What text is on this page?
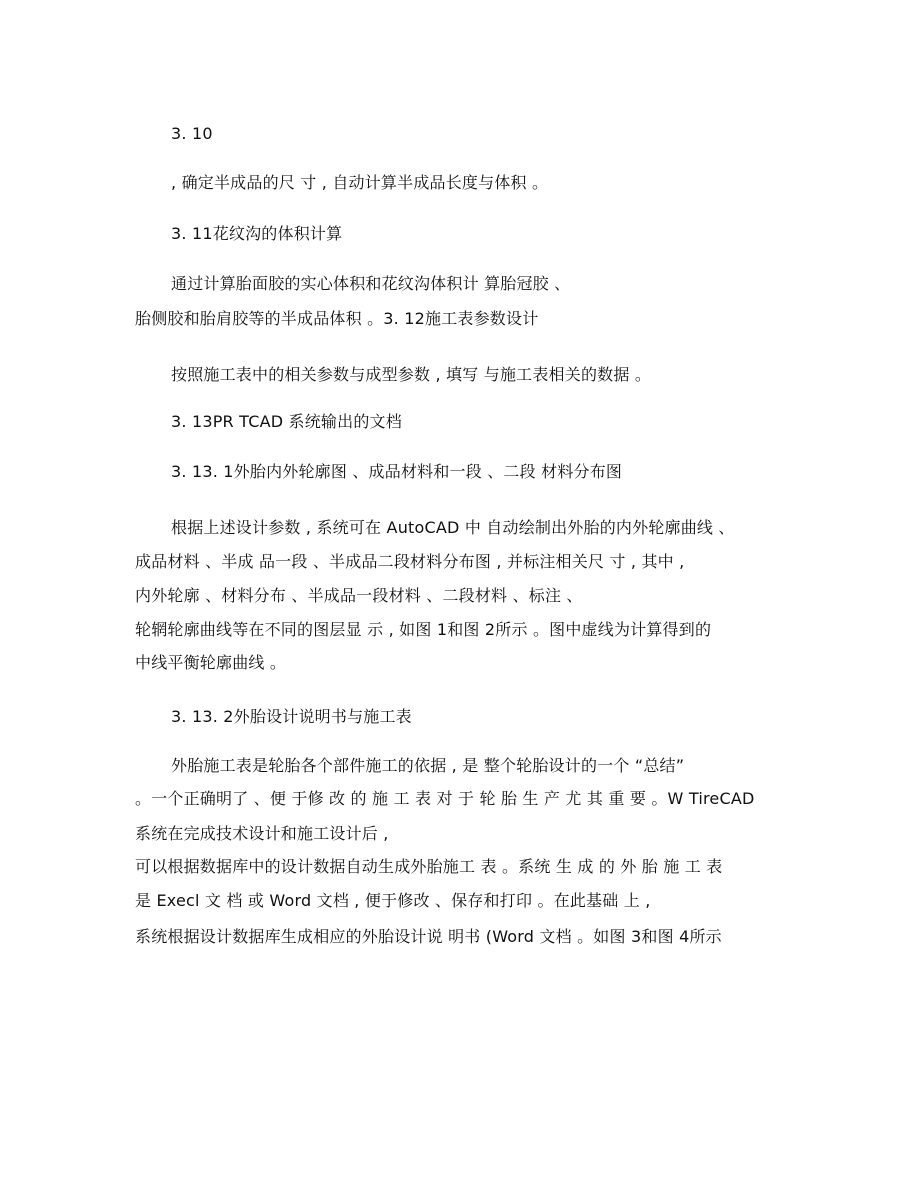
3. 10
, 确定半成品的尺 寸 , 自动计算半成品长度与体积 。
3. 11花纹沟的体积计算
通过计算胎面胶的实心体积和花纹沟体积计 算胎冠胶 、
胎侧胶和胎肩胶等的半成品体积 。3. 12施工表参数设计
按照施工表中的相关参数与成型参数 , 填写 与施工表相关的数据 。
3. 13PR TCAD 系统输出的文档
3. 13. 1外胎内外轮廓图 、成品材料和一段 、二段 材料分布图
根据上述设计参数 , 系统可在 AutoCAD 中 自动绘制出外胎的内外轮廓曲线 、
成品材料 、半成 品一段 、半成品二段材料分布图 , 并标注相关尺 寸 , 其中 ,
内外轮廓 、材料分布 、半成品一段材料 、二段材料 、标注 、
轮辋轮廓曲线等在不同的图层显 示 , 如图 1和图 2所示 。图中虚线为计算得到的
中线平衡轮廓曲线 。
3. 13. 2外胎设计说明书与施工表
外胎施工表是轮胎各个部件施工的依据 , 是 整个轮胎设计的一个 “总结”
。一个正确明了 、便 于修 改 的 施 工 表 对 于 轮 胎 生 产 尤 其 重 要 。W TireCAD
系统在完成技术设计和施工设计后 ,
可以根据数据库中的设计数据自动生成外胎施工 表 。系统 生 成 的 外 胎 施 工 表
是 Execl 文 档 或 Word 文档 , 便于修改 、保存和打印 。在此基础 上 ,
系统根据设计数据库生成相应的外胎设计说 明书 (Word 文档 。如图 3和图 4所示
